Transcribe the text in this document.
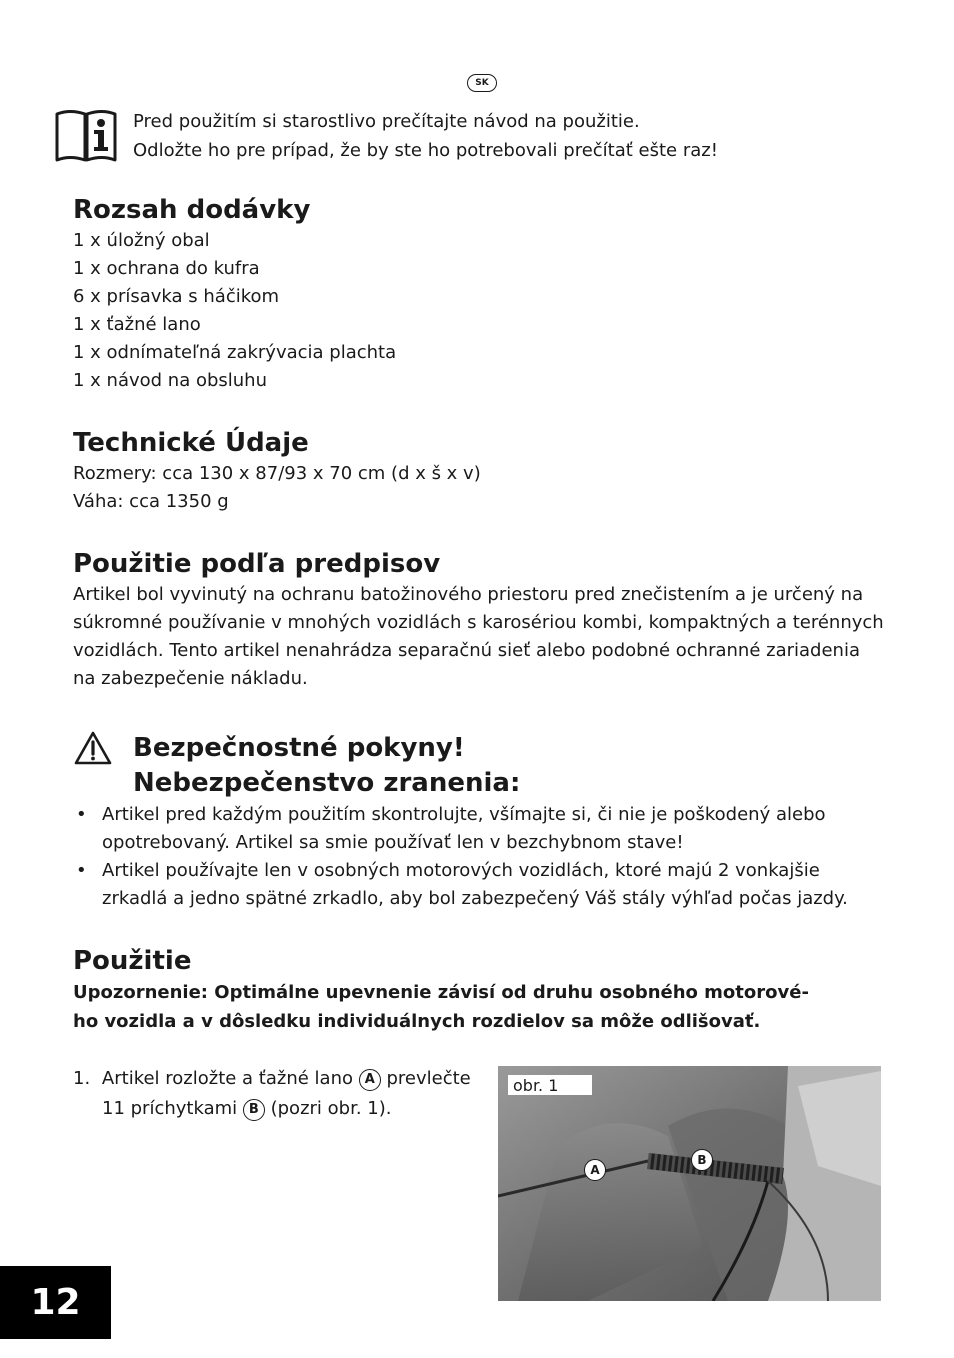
SK
Pred použitím si starostlivo prečítajte návod na použitie.
Odložte ho pre prípad, že by ste ho potrebovali prečítať ešte raz!
Rozsah dodávky
1 x úložný obal
1 x ochrana do kufra
6 x prísavka s háčikom
1 x ťažné lano
1 x odnímateľná zakrývacia plachta
1 x návod na obsluhu
Technické Údaje
Rozmery: cca 130 x 87/93 x 70 cm (d x š x v)
Váha: cca 1350 g
Použitie podľa predpisov
Artikel bol vyvinutý na ochranu batožinového priestoru pred znečistením a je určený na
súkromné používanie v mnohých vozidlách s karosériou kombi, kompaktných a terénnych
vozidlách. Tento artikel nenahrádza separačnú sieť alebo podobné ochranné zariadenia
na zabezpečenie nákladu.
Bezpečnostné pokyny!
Nebezpečenstvo zranenia:
• Artikel pred každým použitím skontrolujte, všímajte si, či nie je poškodený alebo
opotrebovaný. Artikel sa smie používať len v bezchybnom stave!
• Artikel používajte len v osobných motorových vozidlách, ktoré majú 2 vonkajšie
zrkadlá a jedno spätné zrkadlo, aby bol zabezpečený Váš stály výhľad počas jazdy.
Použitie
Upozornenie: Optimálne upevnenie závisí od druhu osobného motorové-
ho vozidla a v dôsledku individuálnych rozdielov sa môže odlišovať.
1. Artikel rozložte a ťažné lano A prevlečte
11 príchytkami B (pozri obr. 1).
obr. 1
A
B
12
